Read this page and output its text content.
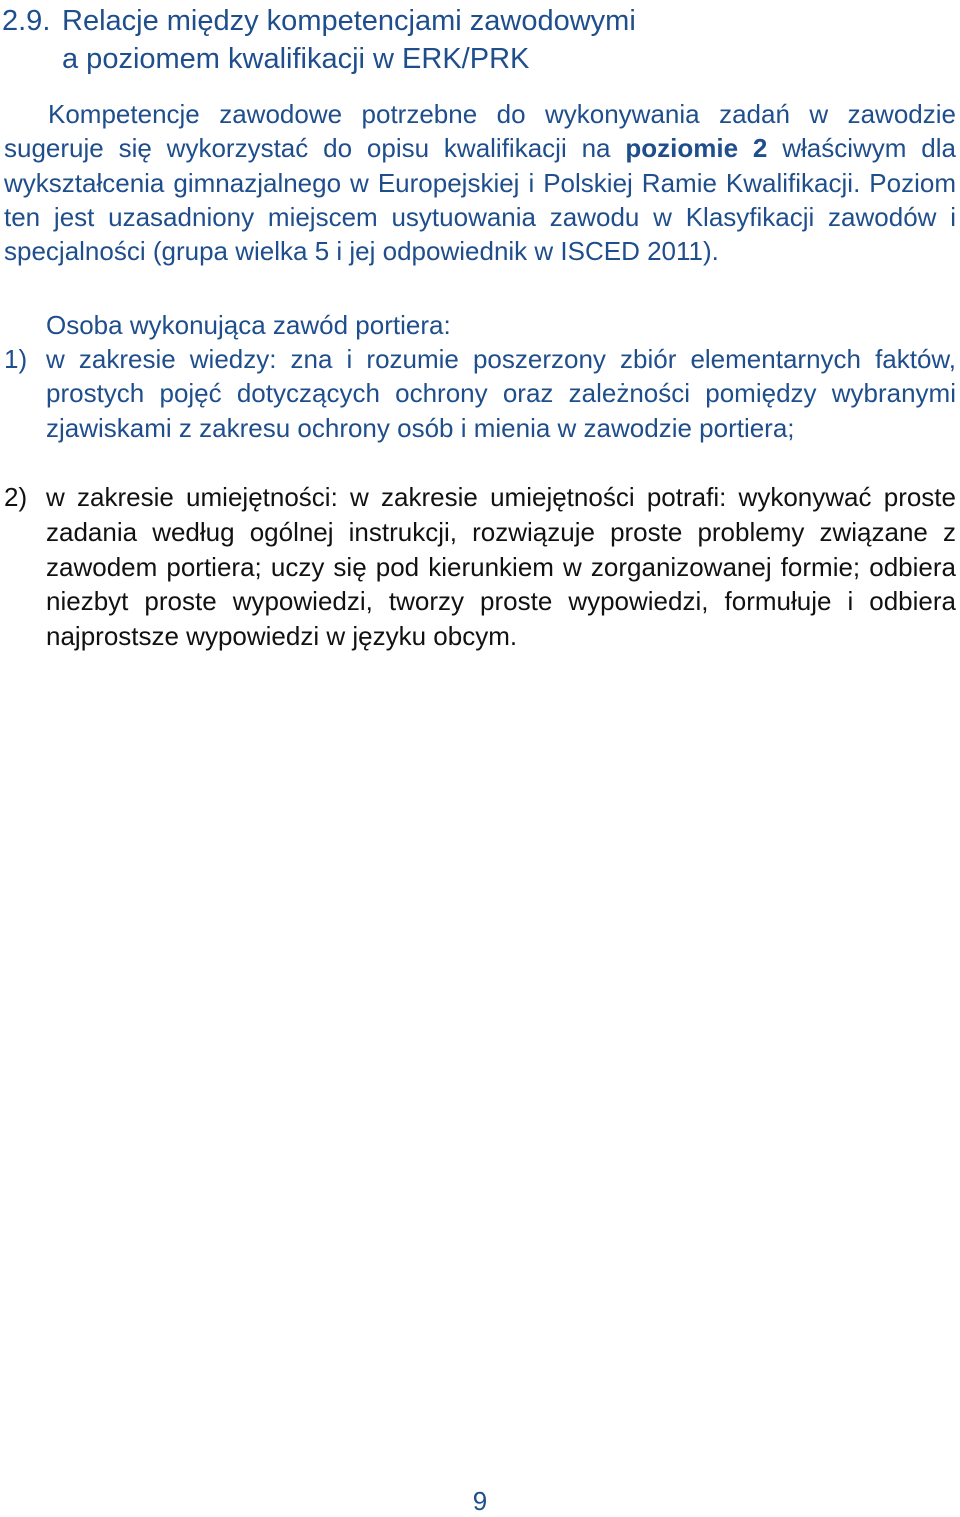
2.9. Relacje między kompetencjami zawodowymi
a poziomem kwalifikacji w ERK/PRK
Kompetencje zawodowe potrzebne do wykonywania zadań w zawodzie sugeruje się wykorzystać do opisu kwalifikacji na poziomie 2 właściwym dla wykształcenia gimnazjalnego w Europejskiej i Polskiej Ramie Kwalifikacji. Poziom ten jest uzasadniony miejscem usytuowania zawodu w Klasyfikacji zawodów i specjalności (grupa wielka 5 i jej odpowiednik w ISCED 2011).
Osoba wykonująca zawód portiera:
1) w zakresie wiedzy: zna i rozumie poszerzony zbiór elementarnych faktów, prostych pojęć dotyczących ochrony oraz zależności pomiędzy wybranymi zjawiskami z zakresu ochrony osób i mienia w zawodzie portiera;
2) w zakresie umiejętności: w zakresie umiejętności potrafi: wykonywać proste zadania według ogólnej instrukcji, rozwiązuje proste problemy związane z zawodem portiera; uczy się pod kierunkiem w zorganizowanej formie; odbiera niezbyt proste wypowiedzi, tworzy proste wypowiedzi, formułuje i odbiera najprostsze wypowiedzi w języku obcym.
9
